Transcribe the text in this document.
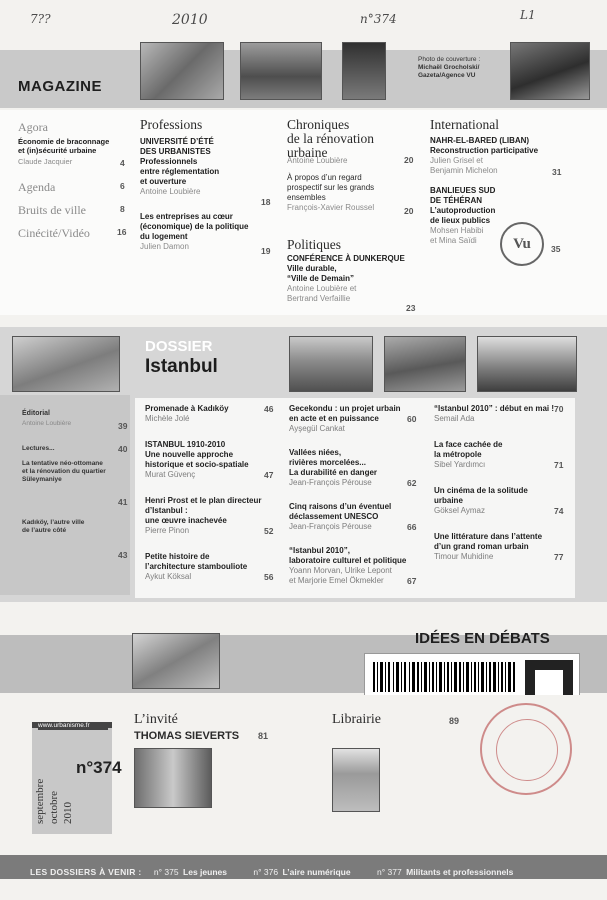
7??	2010	n°374	L1
MAGAZINE
Photo de couverture :
Michaël Grocholski/
Gazeta/Agence VU
Agora
Économie de braconnage et (in)sécurité urbaine
Claude Jacquier	4
Agenda	6
Bruits de ville	8
Cinécité/Vidéo	16
Professions
UNIVERSITÉ D’ÉTÉ
DES URBANISTES
Professionnels
entre réglementation
et ouverture
Antoine Loubière
18
Les entreprises au cœur
(économique) de la politique
du logement
Julien Damon	19
Chroniques
de la rénovation
urbaine
Antoine Loubière	20
À propos d’un regard
prospectif sur les grands
ensembles
François-Xavier Roussel	20
Politiques
CONFÉRENCE À DUNKERQUE
Ville durable,
“Ville de Demain”
Antoine Loubière et
Bertrand Verfaillie
23
International
NAHR-EL-BARED (LIBAN)
Reconstruction participative
Julien Grisel et
Benjamin Michelon	31
BANLIEUES SUD
DE TÉHÉRAN
L’autoproduction
de lieux publics
Mohsen Habibi
et Mina Saïdi	Vu	35
DOSSIER
Istanbul
Éditorial
Antoine Loubière	39
Lectures...	40
La tentative néo-ottomane
et la rénovation du quartier
Süleymaniye
41
Kadıköy, l’autre ville
de l’autre côté
43
Promenade à Kadıköy
Michèle Jolé
46
ISTANBUL 1910-2010
Une nouvelle approche
historique et socio-spatiale
Murat Güvenç	47
Henri Prost et le plan directeur
d’Istanbul :
une œuvre inachevée
Pierre Pinon	52
Petite histoire de
l’architecture stambouliote
Aykut Köksal	56
Gecekondu : un projet urbain
en acte et en puissance
Ayşegül Cankat
60
Vallées niées,
rivières morcelées...
La durabilité en danger
Jean-François Pérouse	62
Cinq raisons d’un éventuel
déclassement UNESCO
Jean-François Pérouse	66
“Istanbul 2010”,
laboratoire culturel et politique
Yoann Morvan, Ulrike Lepont
et Marjorie Emel Ökmekler	67
“Istanbul 2010” : début en mai !
Semail Ada
70
La face cachée de
la métropole
Sibel Yardımcı	71
Un cinéma de la solitude
urbaine
Göksel Aymaz	74
Une littérature dans l’attente
d’un grand roman urbain
Timour Muhidine	77
IDÉES EN DÉBATS
www.urbanisme.fr
septembre octobre 2010
n°374
L’invité
THOMAS SIEVERTS 81
Librairie	89
LES DOSSIERS À VENIR : n° 375 Les jeunes	n° 376 L’aire numérique	n° 377 Militants et professionnels
